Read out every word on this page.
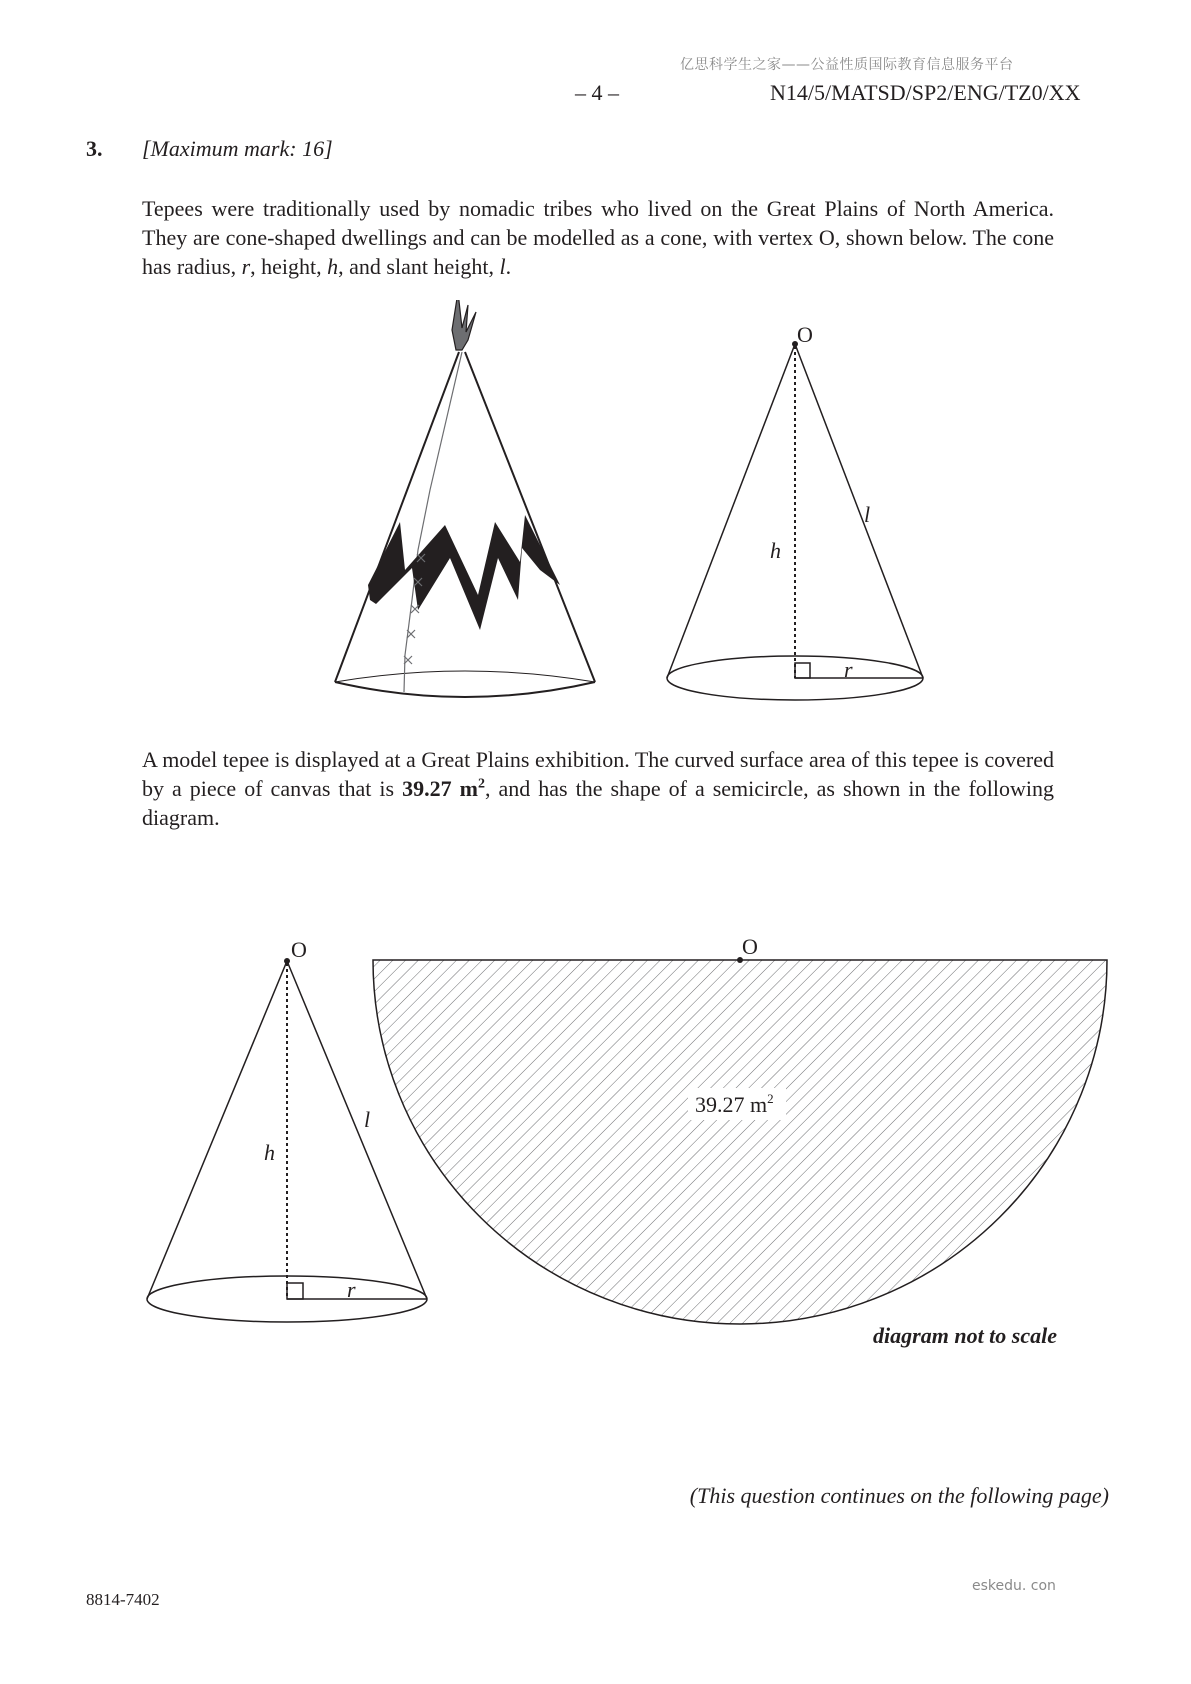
亿思科学生之家——公益性质国际教育信息服务平台
– 4 –	N14/5/MATSD/SP2/ENG/TZ0/XX
3. [Maximum mark: 16]
Tepees were traditionally used by nomadic tribes who lived on the Great Plains of North America. They are cone-shaped dwellings and can be modelled as a cone, with vertex O, shown below. The cone has radius, r, height, h, and slant height, l.
O
h
l
r
A model tepee is displayed at a Great Plains exhibition. The curved surface area of this tepee is covered by a piece of canvas that is 39.27 $m^2$, and has the shape of a semicircle, as shown in the following diagram.
O
h
l
r
O
39.27 $m^2$
diagram not to scale
(This question continues on the following page)
8814-7402
eskedu. con
